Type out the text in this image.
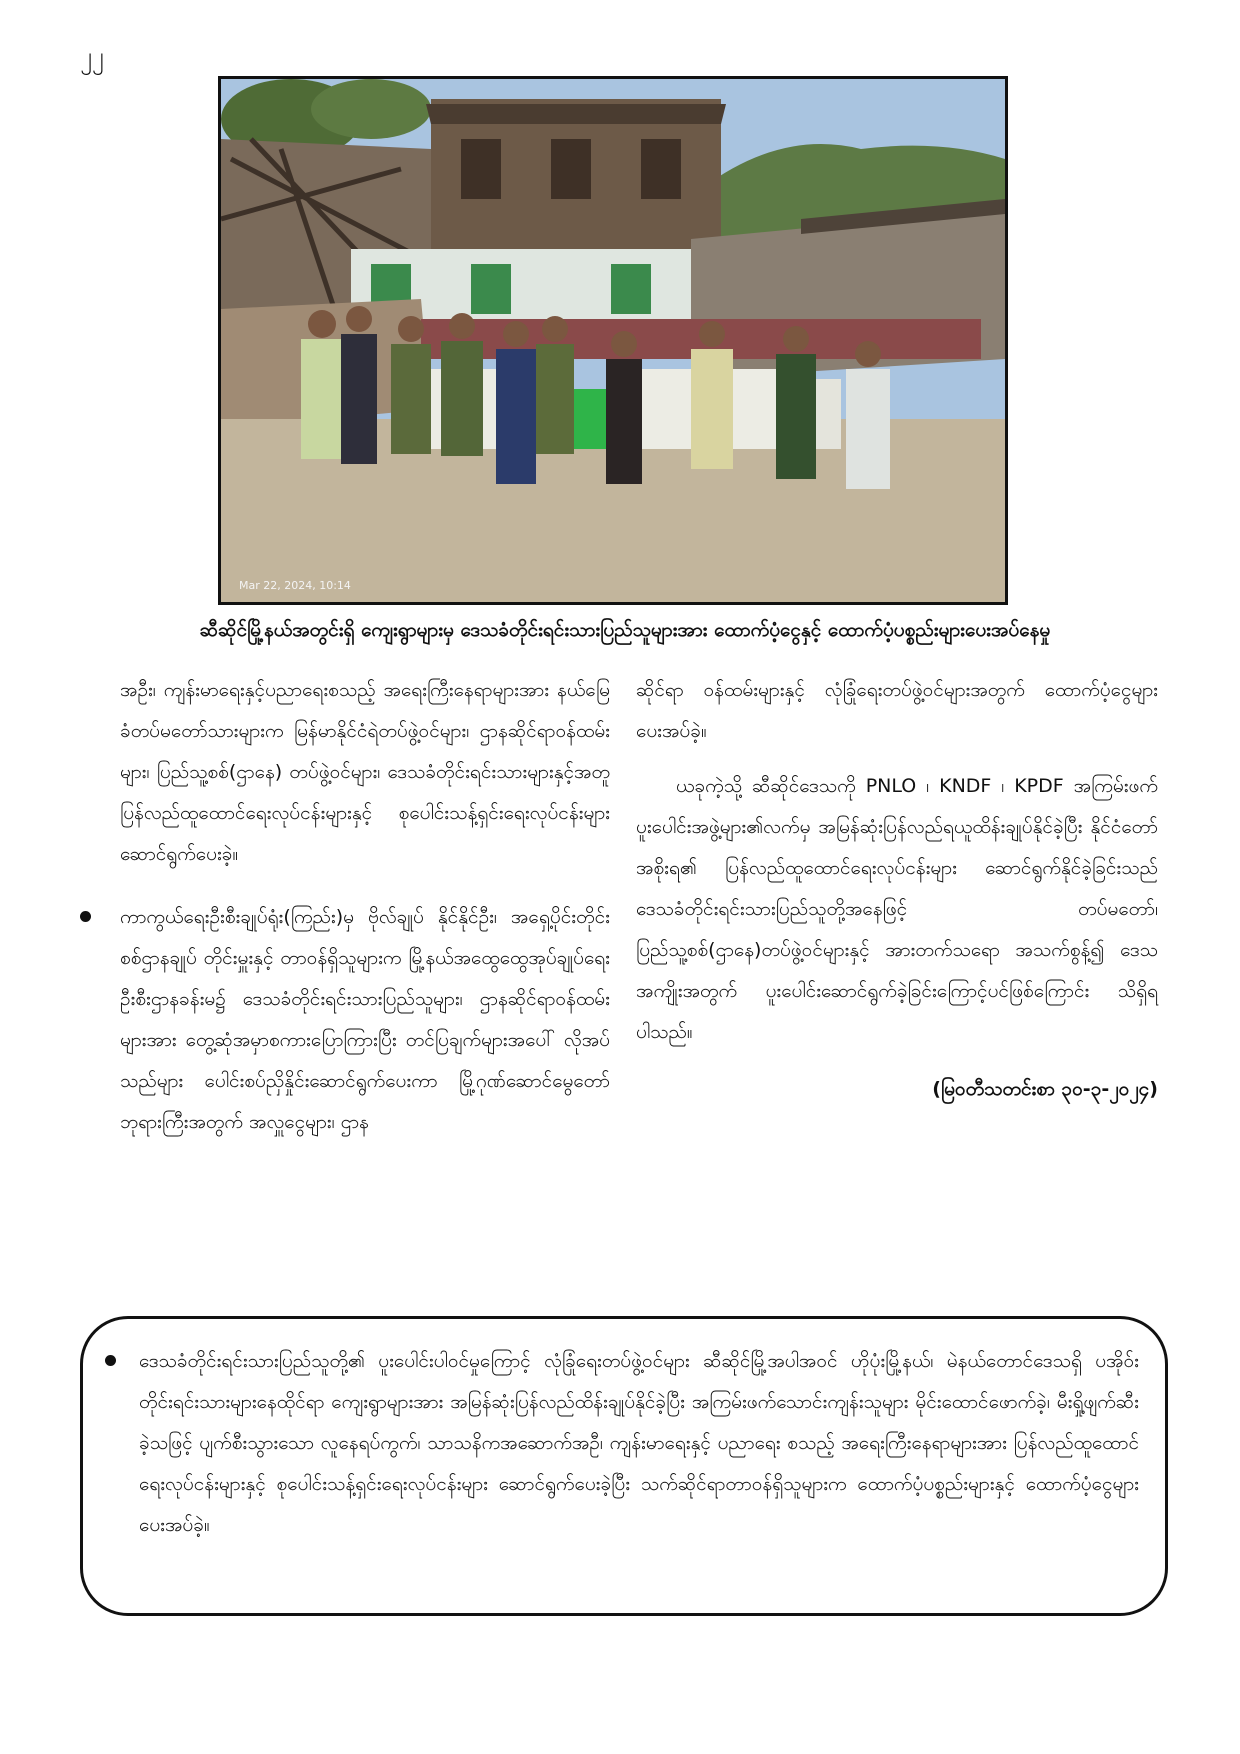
၂၂
Mar 22, 2024, 10:14
ဆီဆိုင်မြို့နယ်အတွင်းရှိ ကျေးရွာများမှ ဒေသခံတိုင်းရင်းသားပြည်သူများအား ထောက်ပံ့ငွေနှင့် ထောက်ပံ့ပစ္စည်းများပေးအပ်နေမှု

အဦး၊ ကျန်းမာရေးနှင့်ပညာရေးစသည့် အရေးကြီးနေရာများအား နယ်မြေခံတပ်မတော်သားများက မြန်မာနိုင်ငံရဲတပ်ဖွဲ့ဝင်များ၊ ဌာနဆိုင်ရာဝန်ထမ်းများ၊ ပြည်သူ့စစ်(ဌာနေ) တပ်ဖွဲ့ဝင်များ၊ ဒေသခံတိုင်းရင်းသားများနှင့်အတူ ပြန်လည်ထူထောင်ရေးလုပ်ငန်းများနှင့် စုပေါင်းသန့်ရှင်းရေးလုပ်ငန်းများ ဆောင်ရွက်ပေးခဲ့။

ကာကွယ်ရေးဦးစီးချုပ်ရုံး(ကြည်း)မှ ဗိုလ်ချုပ် နိုင်နိုင်ဦး၊ အရှေ့ပိုင်းတိုင်းစစ်ဌာနချုပ် တိုင်းမှူးနှင့် တာဝန်ရှိသူများက မြို့နယ်အထွေထွေအုပ်ချုပ်ရေးဦးစီးဌာနခန်းမ၌ ဒေသခံတိုင်းရင်းသားပြည်သူများ၊ ဌာနဆိုင်ရာဝန်ထမ်းများအား တွေ့ဆုံအမှာစကားပြောကြားပြီး တင်ပြချက်များအပေါ် လိုအပ်သည်များ ပေါင်းစပ်ညှိနှိုင်းဆောင်ရွက်ပေးကာ မြို့ဂုဏ်ဆောင်မွေတော်ဘုရားကြီးအတွက် အလှူငွေများ၊ ဌာန

ဆိုင်ရာ ဝန်ထမ်းများနှင့် လုံခြုံရေးတပ်ဖွဲ့ဝင်များအတွက် ထောက်ပံ့ငွေများ ပေးအပ်ခဲ့။

ယခုကဲ့သို့ ဆီဆိုင်ဒေသကို PNLO ၊ KNDF ၊ KPDF အကြမ်းဖက်ပူးပေါင်းအဖွဲ့များ၏လက်မှ အမြန်ဆုံးပြန်လည်ရယူထိန်းချုပ်နိုင်ခဲ့ပြီး နိုင်ငံတော်အစိုးရ၏ ပြန်လည်ထူထောင်ရေးလုပ်ငန်းများ ဆောင်ရွက်နိုင်ခဲ့ခြင်းသည် ဒေသခံတိုင်းရင်းသားပြည်သူတို့အနေဖြင့် တပ်မတော်၊ ပြည်သူ့စစ်(ဌာနေ)တပ်ဖွဲ့ဝင်များနှင့် အားတက်သရော အသက်စွန့်၍ ဒေသအကျိုးအတွက် ပူးပေါင်းဆောင်ရွက်ခဲ့ခြင်းကြောင့်ပင်ဖြစ်ကြောင်း သိရှိရပါသည်။

(မြဝတီသတင်းစာ ၃၀-၃-၂၀၂၄)

ဒေသခံတိုင်းရင်းသားပြည်သူတို့၏ ပူးပေါင်းပါဝင်မှုကြောင့် လုံခြုံရေးတပ်ဖွဲ့ဝင်များ ဆီဆိုင်မြို့အပါအဝင် ဟိုပုံးမြို့နယ်၊ မဲနယ်တောင်ဒေသရှိ ပအိုဝ်းတိုင်းရင်းသားများနေထိုင်ရာ ကျေးရွာများအား အမြန်ဆုံးပြန်လည်ထိန်းချုပ်နိုင်ခဲ့ပြီး အကြမ်းဖက်သောင်းကျန်းသူများ မိုင်းထောင်ဖောက်ခဲ့၊ မီးရှို့ဖျက်ဆီးခဲ့သဖြင့် ပျက်စီးသွားသော လူနေရပ်ကွက်၊ သာသနိကအဆောက်အဦ၊ ကျန်းမာရေးနှင့် ပညာရေး စသည့် အရေးကြီးနေရာများအား ပြန်လည်ထူထောင်ရေးလုပ်ငန်းများနှင့် စုပေါင်းသန့်ရှင်းရေးလုပ်ငန်းများ ဆောင်ရွက်ပေးခဲ့ပြီး သက်ဆိုင်ရာတာဝန်ရှိသူများက ထောက်ပံ့ပစ္စည်းများနှင့် ထောက်ပံ့ငွေများပေးအပ်ခဲ့။
